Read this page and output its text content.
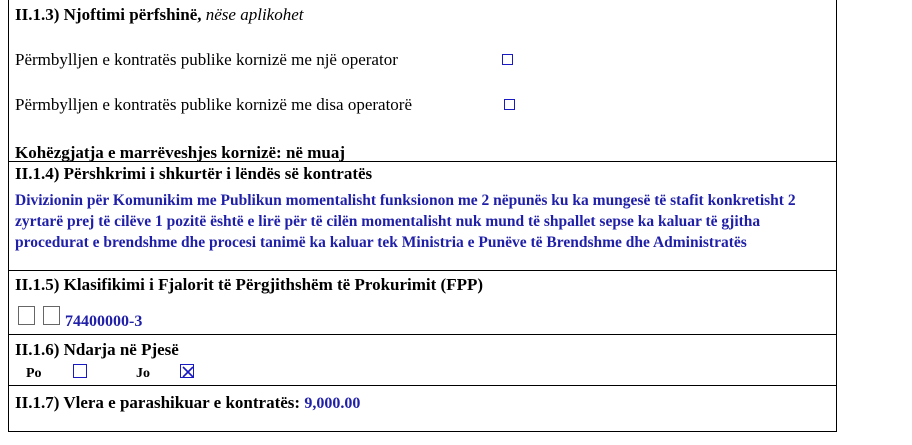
II.1.3) Njoftimi përfshinë, nëse aplikohet
Përmbylljen e kontratës publike kornizë me një operator
Përmbylljen e kontratës publike kornizë me disa operatorë
Kohëzgjatja e marrëveshjes kornizë: në muaj
II.1.4) Përshkrimi i shkurtër i lëndës së kontratës
Divizionin për Komunikim me Publikun momentalisht funksionon me 2 nëpunës ku ka mungesë të stafit konkretisht 2 zyrtarë prej të cilëve 1 pozitë është e lirë për të cilën momentalisht nuk mund të shpallet sepse ka kaluar të gjitha procedurat e brendshme dhe procesi tanimë ka kaluar tek Ministria e Punëve të Brendshme dhe Administratës
II.1.5) Klasifikimi i Fjalorit të Përgjithshëm të Prokurimit (FPP)
74400000-3
II.1.6) Ndarja në Pjesë
Po	Jo
II.1.7) Vlera e parashikuar e kontratës: 9,000.00
